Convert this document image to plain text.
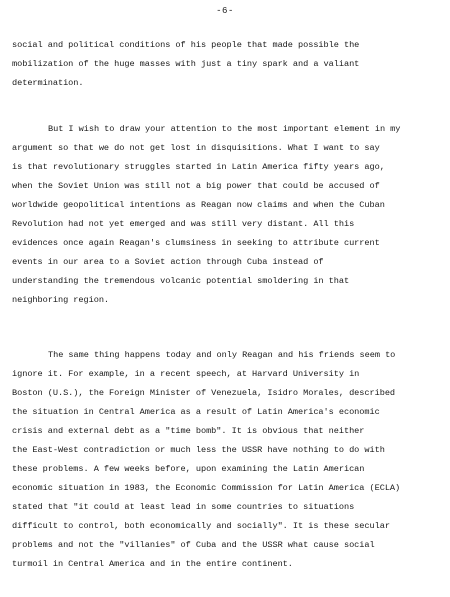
-6-
social and political conditions of his people that made possible the
mobilization of the huge masses with just a tiny spark and a valiant
determination.
But I wish to draw your attention to the most important element in my
argument so that we do not get lost in disquisitions. What I want to say
is that revolutionary struggles started in Latin America fifty years ago,
when the Soviet Union was still not a big power that could be accused of
worldwide geopolitical intentions as Reagan now claims and when the Cuban
Revolution had not yet emerged and was still very distant. All this
evidences once again Reagan's clumsiness in seeking to attribute current
events in our area to a Soviet action through Cuba instead of
understanding the tremendous volcanic potential smoldering in that
neighboring region.
The same thing happens today and only Reagan and his friends seem to
ignore it. For example, in a recent speech, at Harvard University in
Boston (U.S.), the Foreign Minister of Venezuela, Isidro Morales, described
the situation in Central America as a result of Latin America's economic
crisis and external debt as a "time bomb". It is obvious that neither
the East-West contradiction or much less the USSR have nothing to do with
these problems. A few weeks before, upon examining the Latin American
economic situation in 1983, the Economic Commission for Latin America (ECLA)
stated that "it could at least lead in some countries to situations
difficult to control, both economically and socially". It is these secular
problems and not the "villanies" of Cuba and the USSR what cause social
turmoil in Central America and in the entire continent.
